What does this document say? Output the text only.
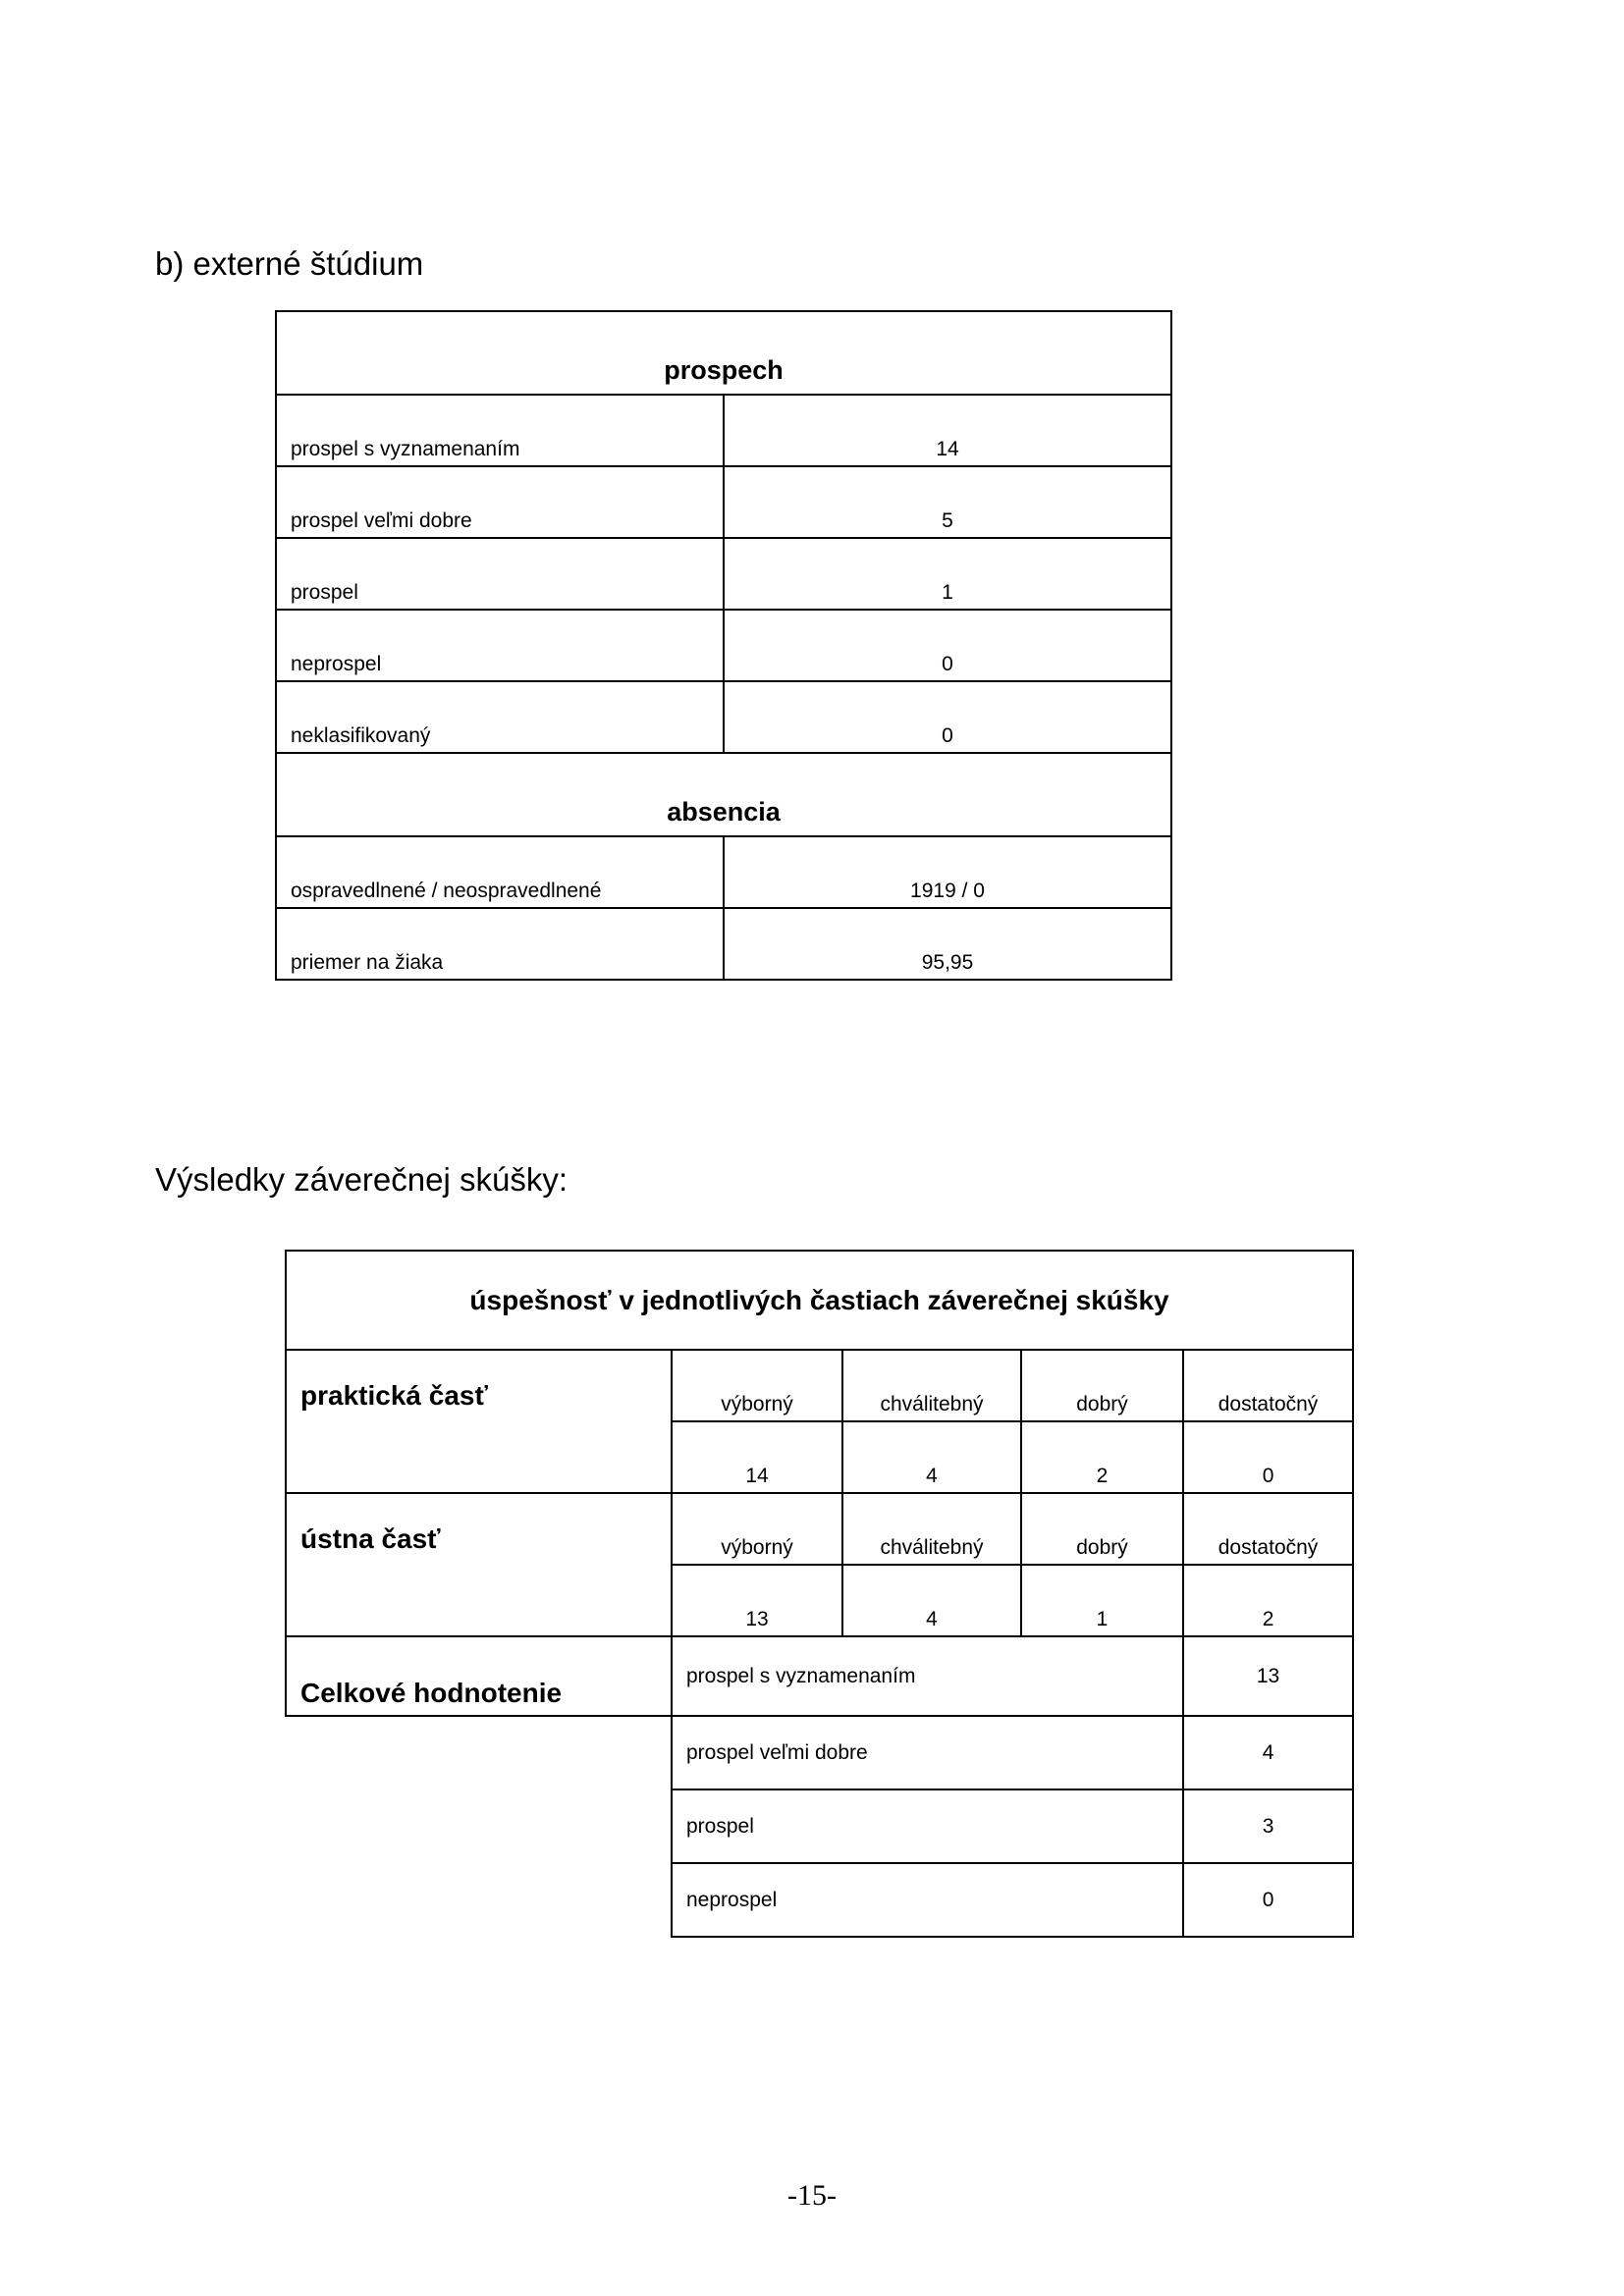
b) externé štúdium
prospech	
prospel s vyznamenaním	14
prospel veľmi dobre	5
prospel	1
neprospel	0
neklasifikovaný	0
absencia	
ospravedlnené / neospravedlnené	1919 / 0
priemer na žiaka	95,95
Výsledky záverečnej skúšky:
úspešnosť v jednotlivých častiach záverečnej skúšky				
praktická časť	výborný	chválitebný	dobrý	dostatočný
	14	4	2	0
ústna časť	výborný	chválitebný	dobrý	dostatočný
	13	4	1	2
Celkové hodnotenie	prospel s vyznamenaním			13
	prospel veľmi dobre			4
	prospel			3
	neprospel			0
-15-
